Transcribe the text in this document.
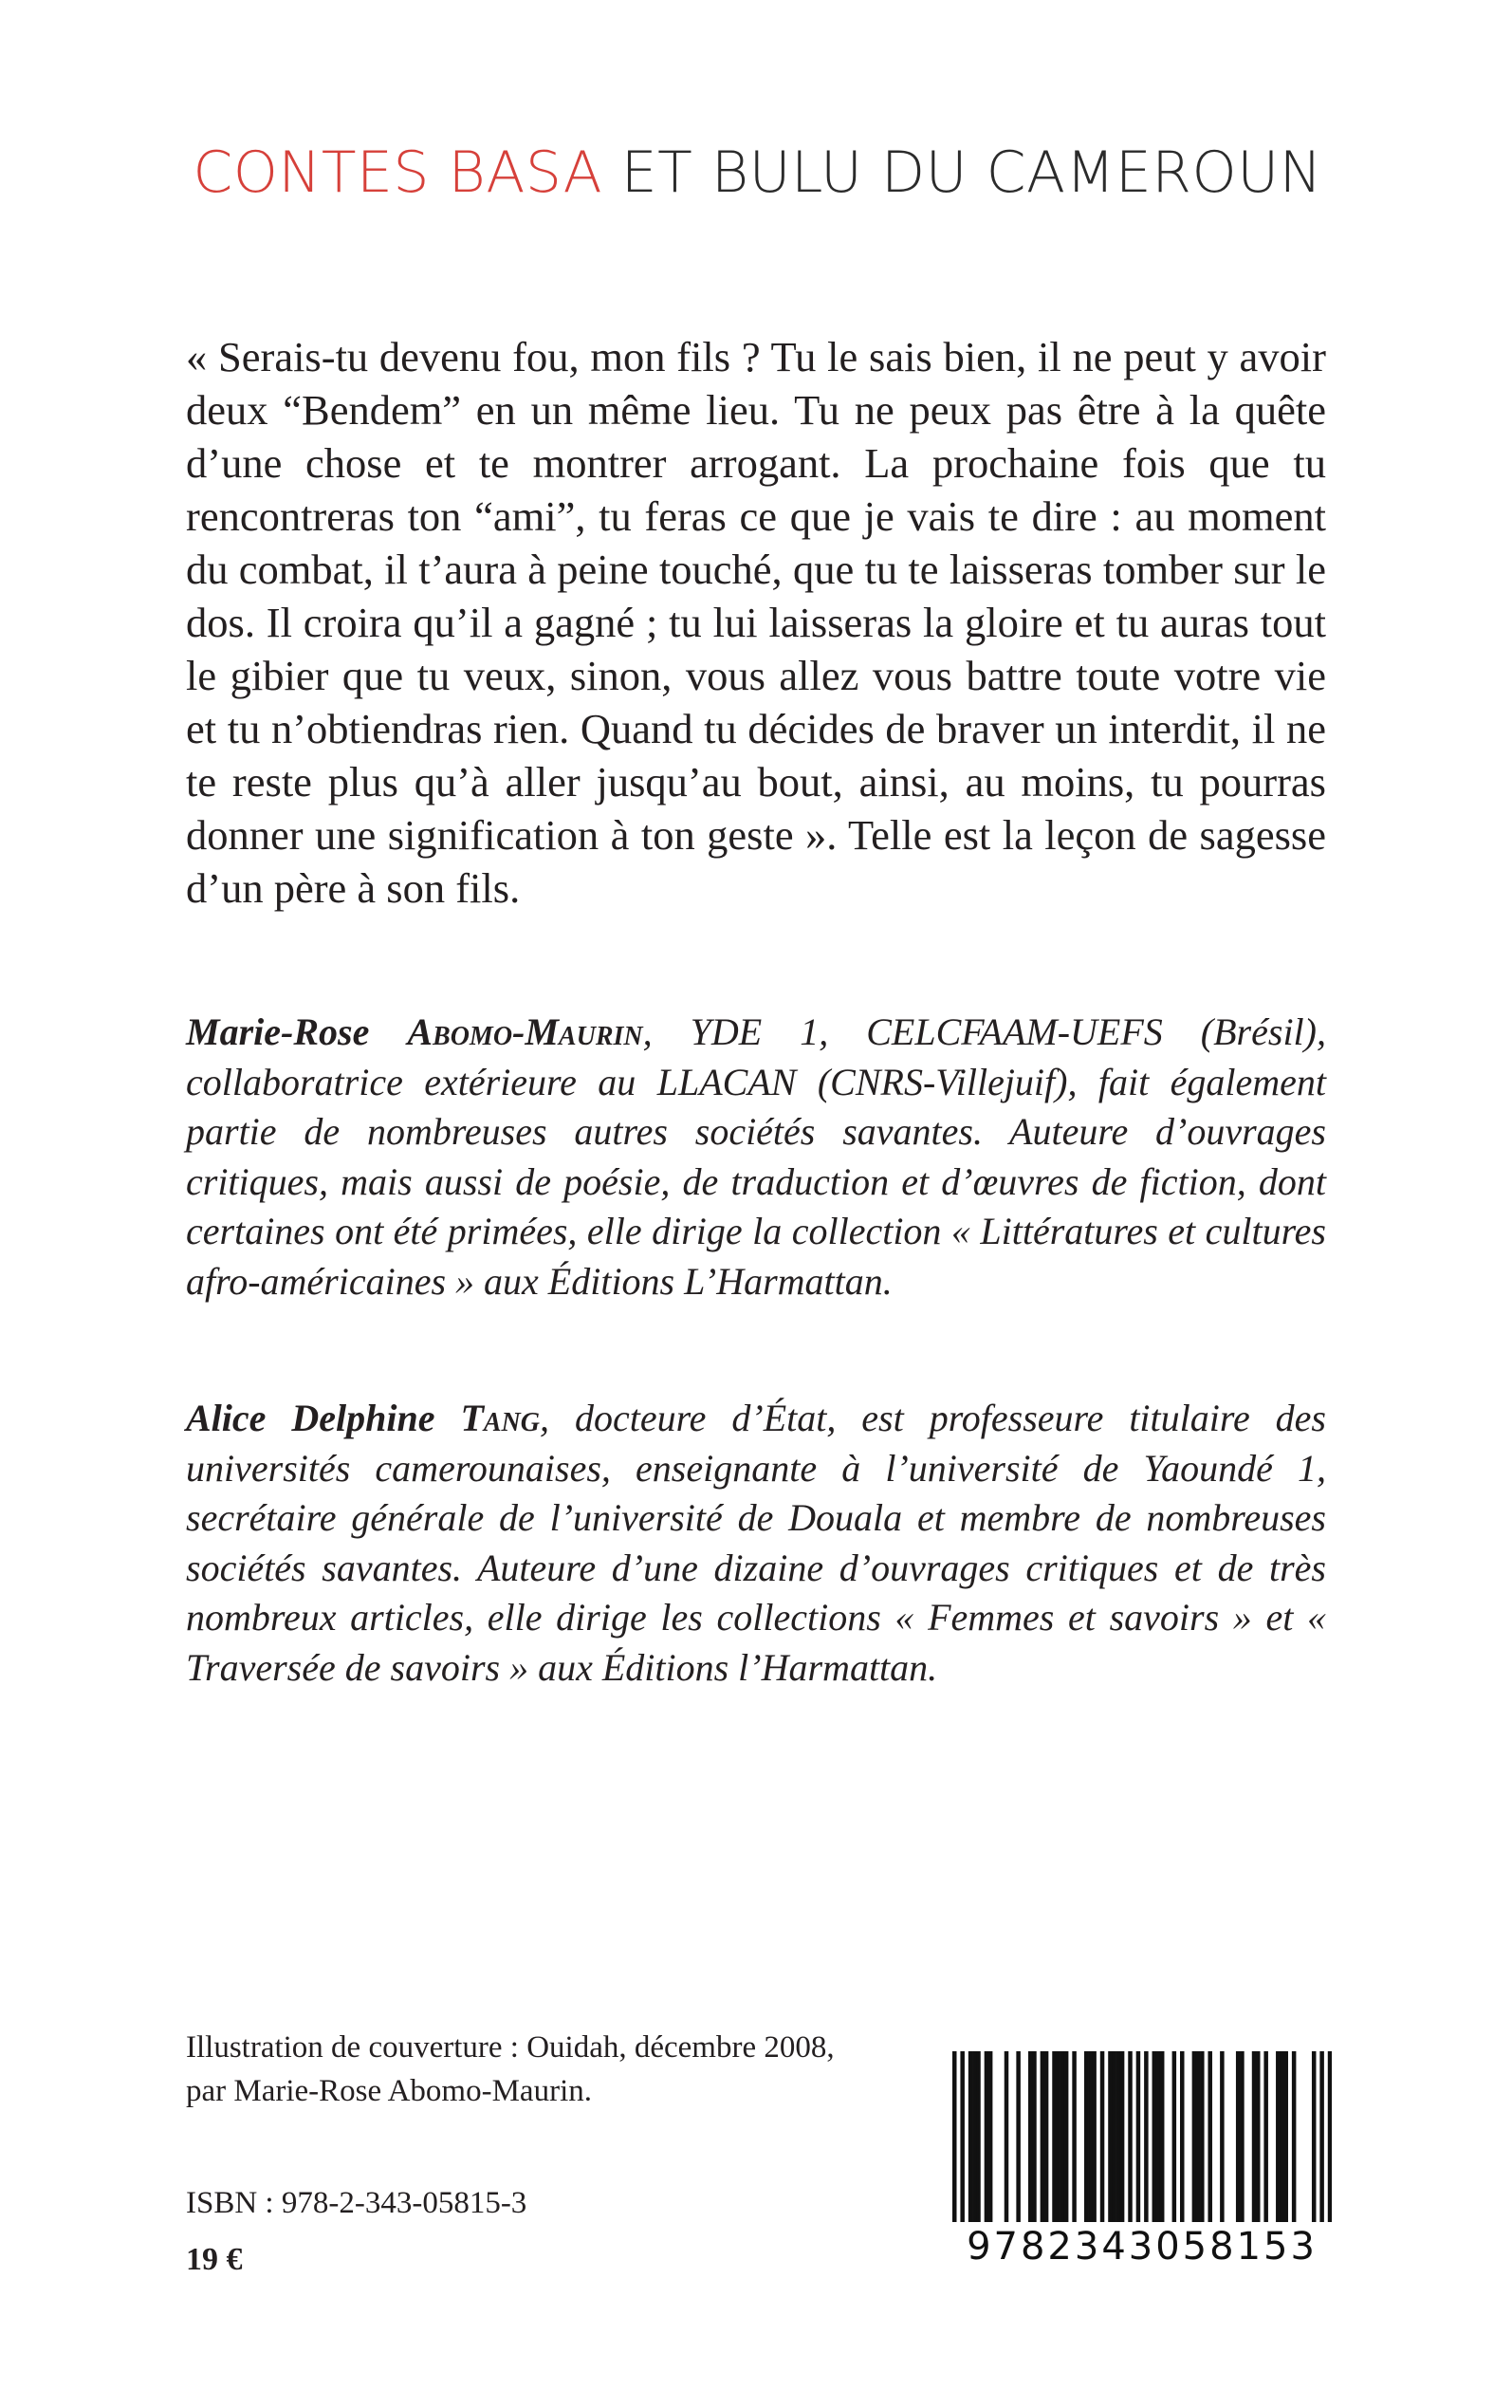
CONTES BASA ET BULU DU CAMEROUN

« Serais-tu devenu fou, mon fils ? Tu le sais bien, il ne peut y avoir deux “Bendem” en un même lieu. Tu ne peux pas être à la quête d’une chose et te montrer arrogant. La prochaine fois que tu rencontreras ton “ami”, tu feras ce que je vais te dire : au moment du combat, il t’aura à peine touché, que tu te laisseras tomber sur le dos. Il croira qu’il a gagné ; tu lui laisseras la gloire et tu auras tout le gibier que tu veux, sinon, vous allez vous battre toute votre vie et tu n’obtiendras rien. Quand tu décides de braver un interdit, il ne te reste plus qu’à aller jusqu’au bout, ainsi, au moins, tu pourras donner une signification à ton geste ». Telle est la leçon de sagesse d’un père à son fils.

Marie-Rose Abomo-Maurin, YDE 1, CELCFAAM-UEFS (Brésil), collaboratrice extérieure au LLACAN (CNRS-Villejuif), fait également partie de nombreuses autres sociétés savantes. Auteure d’ouvrages critiques, mais aussi de poésie, de traduction et d’œuvres de fiction, dont certaines ont été primées, elle dirige la collection « Littératures et cultures afro-américaines » aux Éditions L’Harmattan.

Alice Delphine Tang, docteure d’État, est professeure titulaire des universités camerounaises, enseignante à l’université de Yaoundé 1, secrétaire générale de l’université de Douala et membre de nombreuses sociétés savantes. Auteure d’une dizaine d’ouvrages critiques et de très nombreux articles, elle dirige les collections « Femmes et savoirs » et « Traversée de savoirs » aux Éditions l’Harmattan.

Illustration de couverture : Ouidah, décembre 2008,
par Marie-Rose Abomo-Maurin.

ISBN : 978-2-343-05815-3

19 €	9782343058153
